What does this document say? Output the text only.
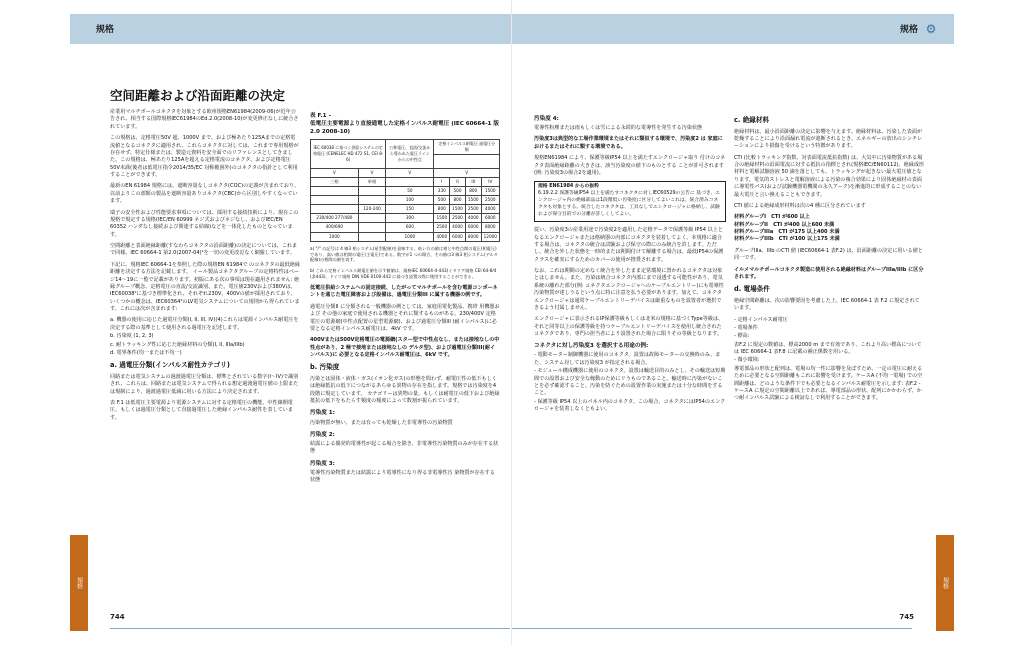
规格
空间距離および沿面距離の決定

産業用マルチポールコネクタを対象とする欧州規格EN61984(2009-06)が近年公告され、相当する国際規格IEC61984のEd.2.0(2008-10)が変更修正なしに統合されています。

この規格は、定格電圧50V 超、1000V まで、および極あたり125Aまでの定格電流値となるコネクタに適用され、これらコネクタに対しては、これまで専用規格が存在せず、特定仕様または、製造元資料を安全面でのリファレンスとしてきました。この規格は、極あたり125Aを超える定格電流のコネクタ、および定格電圧50V未満(後者は低電圧指令2014/35/EC 対称範囲外)のコネクタの指針として利用することができます。

最新のEN 61984 規格には、遮断容量なしコネクタ(COC)の定義が含まれており、以前よりこの部類の製品を遮断容量ありコネクタ(CBC)から区別しやすくなっています。

端子の安全性および性能要求事項については、採用する接続技術により、現在この規格で規定する規格(IEC/EN 60999 ネジ式およびネジなし、およびIEC/EN 60352 ハンダなし接続および関連する結線)などを一体化したものとなっています。

空間距離と表面絶縁距離(すなわちコネクタの沿面距離)の決定については、これまで同様、IEC 60664-1 第2.0(2007-04)¹を一切の変更改訂なく網羅しています。

下記に、規格IEC 60664-1を参照した際の規格EN 61984で のコネクタの最低絶縁距離を決定する方法を記載します。 イール製品コネクタグループの定格特性はページ14～19に一覧で記載があります。初版にある次の事項は現在適用されません: 絶縁グループ概念、定格電圧の直流/交流識別、また、電圧値230Vおよび380Vは、IEC60038²に基づき標準化され、それぞれ230V、400Vの値が採用されており、いくつかの概念は、IEC60364³のLV電気システムについての規則から得られています。これには次が含まれます:

a. 機器の使用に応じた過電圧分類(I, II, III, IV)(4)これらは電源インパルス耐電圧を決定する際の基準として使用される過電圧を記述します。
b. 汚染度 (1, 2, 3)
c. 耐トラッキング性に応じた絶縁材料の分類(I, II, IIIa/IIIb)
d. 電界条件(均一または不均一)
a. 過電圧分類(インパルス耐性カテゴリ)

回路または電気システムの過渡過電圧分類は、標準とされている数字(I〜IV)で識別され、これらは、回路または電気システムで得られる想定過渡過電圧値の上限または規制により、過渡過電圧低減に用いる方法により決定されます。

表 F.1 は低電圧主要電源より電源システムに対する定格電圧の機能、中性線開電圧、もしくは過電圧分類として直接過電圧した絶縁インパルス耐性を表しています。

表 F.1 –
低電圧主要電源より直接通電した定格インパルス耐電圧 (IEC 60664-1 版 2.0 2008-10)
IEC 60038 に基づく供給システムの定格電圧 (CENELEC HD 472 S1, CEI 8-6)		公称電圧、直流/交流から導かれた電圧ラインからの中性点	定格インパルス耐電圧 過電圧分類			

V	V	V	V			
三相	単相		I	II	III	IV
		50	330	500	800	1500
		100	500	800	1500	2500
	120-240	150	800	1500	2500	4000
230/400 277/480		300	1500	2500	4000	6000
400/690		600	2500	4000	6000	8000
1000		1000	4000	6000	8000	12000
a) "/" の記号は 4 線3 相システム(星型配線)を意味する。低い方の値は相と中性点間の電圧(相電圧)であり、高い値は相間の電圧(主電圧)である。数字が1 つの場合、その値は3 線3 相システム(デルタ配線)の相間の値を表す。
b) これら定格インパルス耐電圧値を示す値値は、規格IEC 60664-4-443(イタリア規格 CEI 64-8/4 (条443)、ドイツ規格 DIN VDE 0100-443 に基づき設置の際に使用することができる。

低電圧供給システムへの固定接続、したがってマルチポールを含む電源コンポーネントを通じた電圧障害および設備は、過電圧分類III に属する機器の例です。

過電圧分類II に分類される一般機器の例としては、家庭用電化製品、携帯 用機器および その他の家庭で使用される機器とそれに類するものがある。230/400V 定格電圧の電源網(中性点配置の星型電源網)、および過電圧分類III (耐インパルス)に必要となる定格インパルス耐電圧は、4kV です。

400Vまたは500V定格電圧の電源網(スター型で中性点なし、または接地なしの中性点があり、2 極で接地または接地なしの デルタ型)、および過電圧分類III(耐インパルス)に 必要となる定格インパルス耐電圧は、6kV です。

b. 汚染度

汚染とは固体・液体・ガス(イオン化ガス)の形態を問わず、耐電圧性の低下もしくは絶縁抵抗の低下につながるあらゆる異物の存在を指します。規格では汚染度を4段階に規定しています。 カテゴリーは異物の量、もしくは耐電圧の低下および絶縁抵抗の低下をもたらす頻度の頻度によって数割が振られています。

汚染度 1:

汚染物質が無い、または有っても乾燥した非電導性の汚染物質

汚染度 2:

結露による偶発的電導性が起こる場合を除き、非電導性汚染物質のみが存在する状態

汚染度 3:

電導性汚染物質または結露により電導性になり得る非電導性汚 染物質が存在する状態

規格
744
规格 ⚙
汚染度 4:

電導性粉塵または雨もしくは雪による永続的な電導性を発生する汚染状態

汚染度3は典型的な工場作業環境またはそれに類似する環境で、汚染度2 は 家庭におけるまたはそれに類する環境である。

規格EN61984 により、保護等級IP54 以上を満たすエンクロージャ取り 付けのコネクタ表面絶縁距離の大きさは、該当汚染度の値下のものとする ことが許可されます(例: 汚染度3の場合2を適用)。

規格 EN61984 からの抜粋
6.19.2.2 保護等級IP54 以上を満たすコネクタに対しIEC60529の公告に 基づき、エンクロージャ内の絶縁部品は1段階低い汚染度に区分してよいこれは、統合済みコネクタも対象とする。統合したコネクタは、工具なしでエンクロージャに格納し、試験および保守目的での分離が許しくしてよい。

従い、汚染度3の産業用途で汚染度2を適用した定格データで保護等級 IP54 以上となるエンクロージャまたは格納器の内部にコネクタを装着してよく、本規格に適合する場合は、コネクタの統合は試験および保守の際にのみ統合を許します。ただし、統合を外した状態を一時的または期間付けて解離する場合は、最低IP54の保護クラスを確実にするためのカバーの使用が推奨されます。

なお、これは期間の定めなく統合を外したまま定常環境に置かれるコネクタは対象とはしません。また、汚染は統合コネクタ内部にまで浸透する可能性があり、電気系統の離れた部分(例: コネクタエンクロージャへのケーブルエントリー)にも電導性汚染物質が達しうるという点に特に注意を払う必要があります。加えて、コネクタエンクロージャは通常ケーブルエントリーデバイスは厳重なものを設置者が選択できるよう付属しません。

エンクロージャに表示されるIP保護等級もしくは北米の規格に基づくType等級は、それと同等以上の保護等級を持つケーブルエントリーデバイスを使用し統合されたコネクタであり、専門の担当者により設置された場合に限りその等級となります。

コネクタに対し汚染度3 を選択する用途の例:
- 電動モーター制御機器に使用のコネクタ。設置は故障モーターの交換時のみ、また、システム対しては汚染度3 が指定される場合。
- モジュール構成機器に使用のコネクタ。設置は輸送目的のみとし、その輸送は短期間での設置および安全な稼動のためにリうものであること。輸送時に汚染がないことを必ず確認すること。汚染を防ぐための設置作業の実施または十分な時間をすること。
- 保護等級 IP54 以上のパネル内のコネクタ。この場合、コネクタにはIP54のエンクロージャを装着しなくともよい。
c. 絶縁材料

絶縁材料は、最小沿面距離の決定に影響を与えます。絶縁材料は、汚染した表面が乾燥することにより沿面漏れ電流が遮断されるとき、エネルギーの放出のシンチレーションにより損傷を受けるという特徴があります。

CTI (比較トラッキング指数、対表面電流抵抗指数) は、大気中に汚染物質がある場合の絶縁材料の沿面電流に対する抵抗の指標とされ(規格IEC/EN60112)、絶縁成形材料と電解試験溶液 50 滴を落としても、トラッキングが起きない最大電圧値となります。電気的ストレスと電解溶液による汚染の複合効果により固体絶縁材の表面に導電性パス(および試験機器電機間の永久アーク)を漸進的に形成することのない最大電圧と言い換えることもできます。

CTI 値による絶縁成形材料は次の4 種に区分されています

材料グループI　 CTI が600 以上
材料グループII　 CTI が400 以上600 未満
材料グループIIIa　 CTI が175 以上400 未満
材料グループIIIb　 CTI が100 以上175 未満

グループIIIa、IIIb のCTI 値 (IEC60664-1 表F.2) は、沿面距離の決定に用いる値と同一です。

イルメマルチポールコネクタ製造に使用される絶縁材料はグループIIIa/IIIb に区分されます。

d. 電場条件

絶縁空間距離は、次の影響要因を考慮した上、IEC 60664-1 表 F.2 に規定されています。

- 定格インパルス耐電圧
- 電場条件
- 標高:
表F.2 に規定の数値は、標高2000 m まで有効であり、これより高い標高については IEC 60664-1 表F.8 に記載の補正係数を用いる。
- 微小環境:
導電部品の形状と配列は、電場の均一性に影響を及ぼすため、一定の電圧に耐えるために必要となる空間距離もこれに影響を受けます。ケースA (不均一電場) での空間距離は、どのような条件下でも必要となるインパルス耐電圧を示します: 表F.2 - ケースA に規定の空間距離以上であれば、導電部品の形状、配列にかかわらず、かつ耐インパルス試験による検証なしで利用することができます。
規格
745
